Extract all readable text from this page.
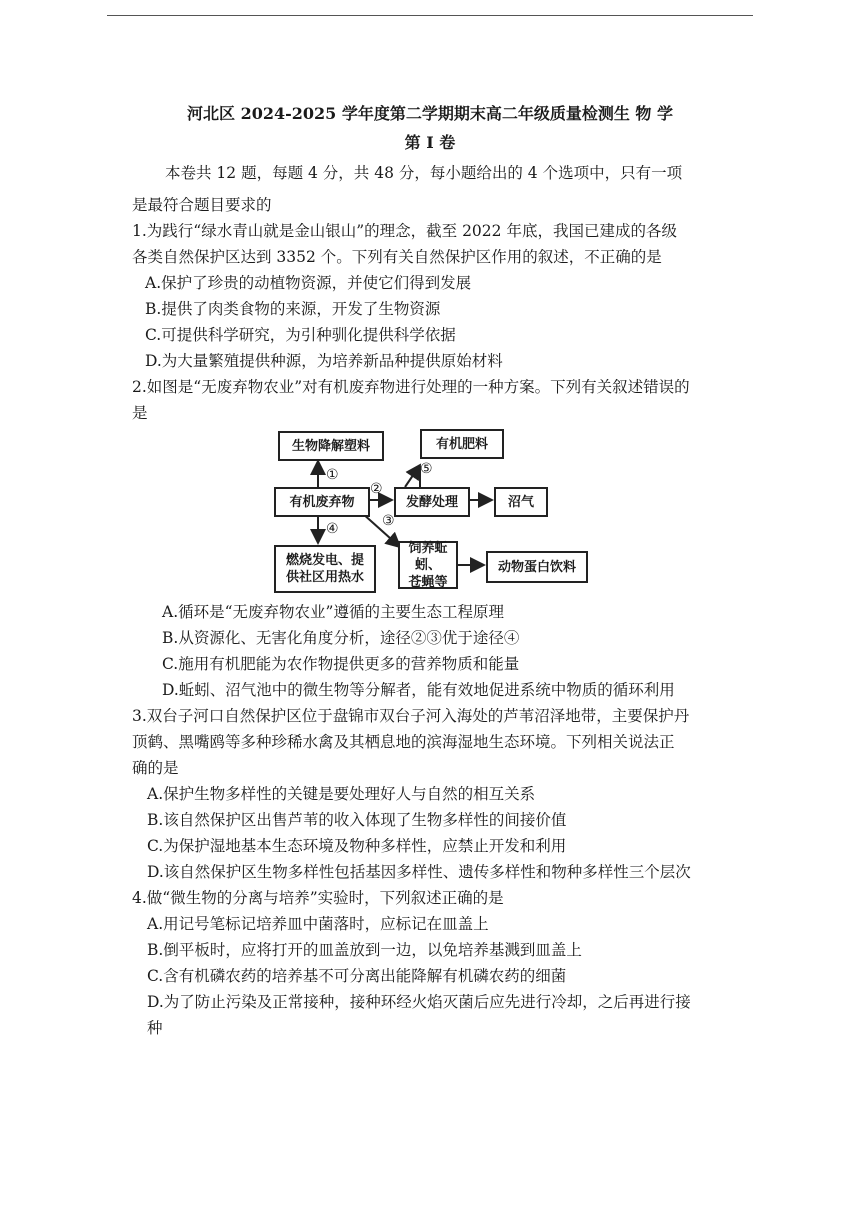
河北区 2024-2025 学年度第二学期期末高二年级质量检测生 物 学
第 Ⅰ 卷
本卷共 12 题，每题 4 分，共 48 分，每小题给出的 4 个选项中，只有一项
是最符合题目要求的
1.为践行“绿水青山就是金山银山”的理念，截至 2022 年底，我国已建成的各级
各类自然保护区达到 3352 个。下列有关自然保护区作用的叙述，不正确的是
A.保护了珍贵的动植物资源，并使它们得到发展
B.提供了肉类食物的来源，开发了生物资源
C.可提供科学研究，为引种驯化提供科学依据
D.为大量繁殖提供种源，为培养新品种提供原始材料
2.如图是“无废弃物农业”对有机废弃物进行处理的一种方案。下列有关叙述错误的
是
生物降解塑料	有机肥料
有机废弃物	发酵处理	沼气
燃烧发电、提
供社区用热水
饲养蚯蚓、
苍蝇等
动物蛋白饮料
①
②
③
④
⑤
A.循环是“无废弃物农业”遵循的主要生态工程原理
B.从资源化、无害化角度分析，途径②③优于途径④
C.施用有机肥能为农作物提供更多的营养物质和能量
D.蚯蚓、沼气池中的微生物等分解者，能有效地促进系统中物质的循环利用
3.双台子河口自然保护区位于盘锦市双台子河入海处的芦苇沼泽地带，主要保护丹
顶鹤、黑嘴鸥等多种珍稀水禽及其栖息地的滨海湿地生态环境。下列相关说法正
确的是
A.保护生物多样性的关键是要处理好人与自然的相互关系
B.该自然保护区出售芦苇的收入体现了生物多样性的间接价值
C.为保护湿地基本生态环境及物种多样性，应禁止开发和利用
D.该自然保护区生物多样性包括基因多样性、遗传多样性和物种多样性三个层次
4.做“微生物的分离与培养”实验时，下列叙述正确的是
A.用记号笔标记培养皿中菌落时，应标记在皿盖上
B.倒平板时，应将打开的皿盖放到一边，以免培养基溅到皿盖上
C.含有机磷农药的培养基不可分离出能降解有机磷农药的细菌
D.为了防止污染及正常接种，接种环经火焰灭菌后应先进行冷却，之后再进行接
种
